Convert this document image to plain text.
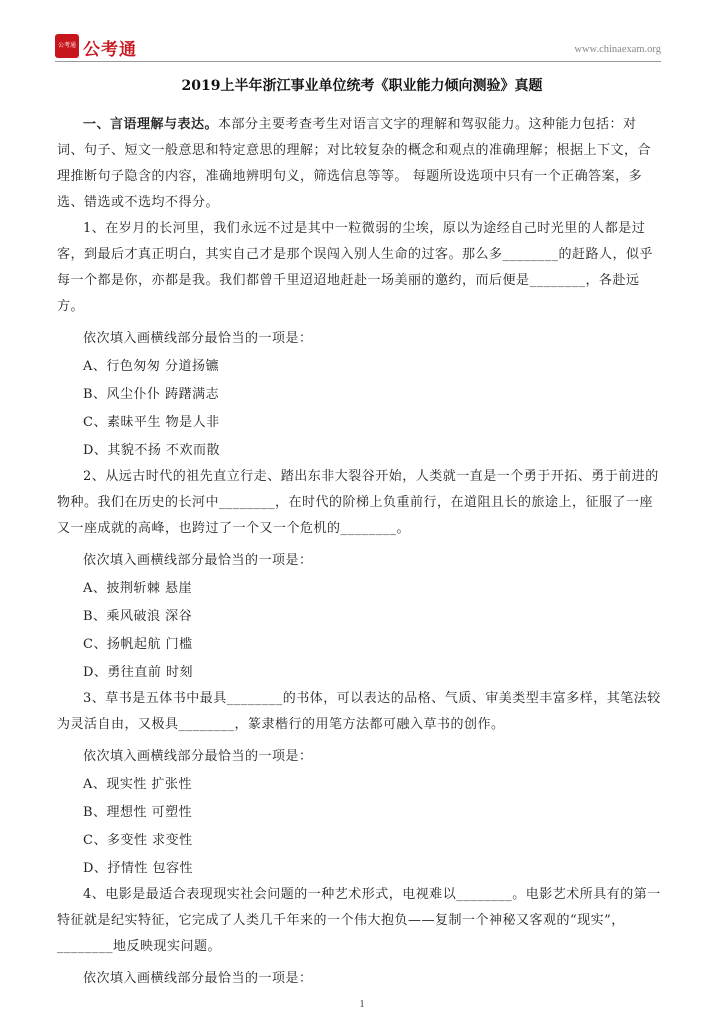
公考通 公考通	www.chinaexam.org
2019上半年浙江事业单位统考《职业能力倾向测验》真题

一、言语理解与表达。本部分主要考查考生对语言文字的理解和驾驭能力。这种能力包括：对词、句子、短文一般意思和特定意思的理解；对比较复杂的概念和观点的准确理解；根据上下文，合理推断句子隐含的内容，准确地辨明句义，筛选信息等等。 每题所设选项中只有一个正确答案，多选、错选或不选均不得分。

1、在岁月的长河里，我们永远不过是其中一粒微弱的尘埃，原以为途经自己时光里的人都是过客，到最后才真正明白，其实自己才是那个误闯入别人生命的过客。那么多________的赶路人，似乎每一个都是你，亦都是我。我们都曾千里迢迢地赶赴一场美丽的邀约，而后便是________，各赴远方。

依次填入画横线部分最恰当的一项是：

A、行色匆匆 分道扬镳

B、风尘仆仆 踌躇满志

C、素昧平生 物是人非

D、其貌不扬 不欢而散

2、从远古时代的祖先直立行走、踏出东非大裂谷开始，人类就一直是一个勇于开拓、勇于前进的物种。我们在历史的长河中________，在时代的阶梯上负重前行，在道阻且长的旅途上，征服了一座又一座成就的高峰，也跨过了一个又一个危机的________。

依次填入画横线部分最恰当的一项是：

A、披荆斩棘 悬崖

B、乘风破浪 深谷

C、扬帆起航 门槛

D、勇往直前 时刻

3、草书是五体书中最具________的书体，可以表达的品格、气质、审美类型丰富多样，其笔法较为灵活自由，又极具________，篆隶楷行的用笔方法都可融入草书的创作。

依次填入画横线部分最恰当的一项是：

A、现实性 扩张性

B、理想性 可塑性

C、多变性 求变性

D、抒情性 包容性

4、电影是最适合表现现实社会问题的一种艺术形式，电视难以________。电影艺术所具有的第一特征就是纪实特征，它完成了人类几千年来的一个伟大抱负——复制一个神秘又客观的“现实”，________地反映现实问题。

依次填入画横线部分最恰当的一项是：

1
